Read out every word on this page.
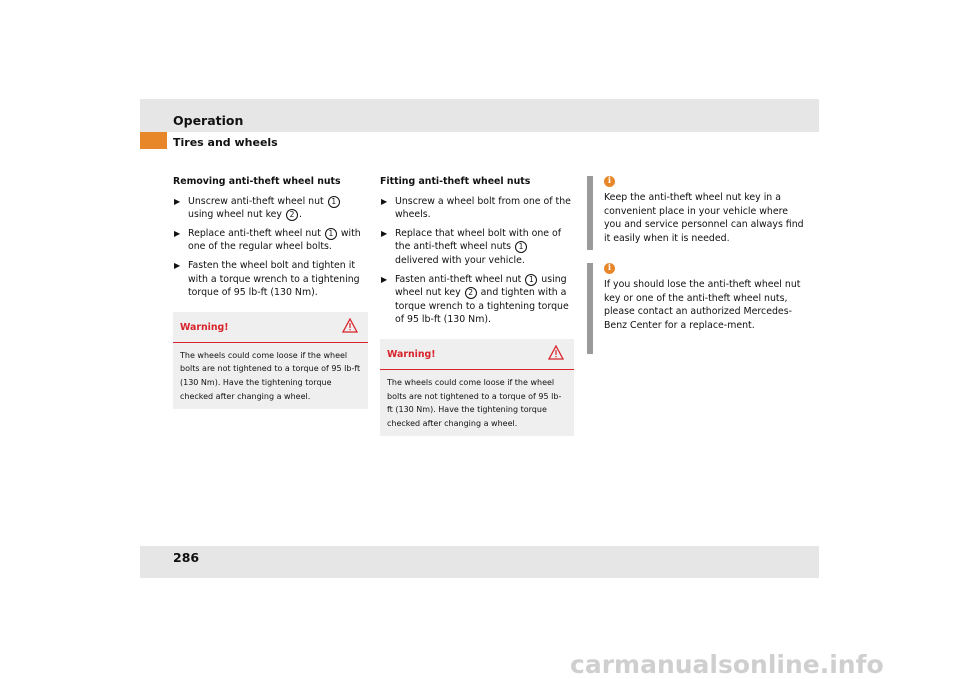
Operation
Tires and wheels
Removing anti-theft wheel nuts
▶ Unscrew anti-theft wheel nut 1 using wheel nut key 2 .
▶ Replace anti-theft wheel nut 1 with one of the regular wheel bolts.
▶ Fasten the wheel bolt and tighten it with a torque wrench to a tightening torque of 95 lb-ft (130 Nm).
Warning!
The wheels could come loose if the wheel bolts are not tightened to a torque of 95 lb-ft (130 Nm). Have the tightening torque checked after changing a wheel.
Fitting anti-theft wheel nuts
▶ Unscrew a wheel bolt from one of the wheels.
▶ Replace that wheel bolt with one of the anti-theft wheel nuts 1 delivered with your vehicle.
▶ Fasten anti-theft wheel nut 1 using wheel nut key 2 and tighten with a torque wrench to a tightening torque of 95 lb-ft (130 Nm).
Warning!
The wheels could come loose if the wheel bolts are not tightened to a torque of 95 lb-ft (130 Nm). Have the tightening torque checked after changing a wheel.
i
Keep the anti-theft wheel nut key in a convenient place in your vehicle where you and service personnel can always find it easily when it is needed.
i
If you should lose the anti-theft wheel nut key or one of the anti-theft wheel nuts, please contact an authorized Mercedes-Benz Center for a replace-ment.
286
carmanualsonline.info
